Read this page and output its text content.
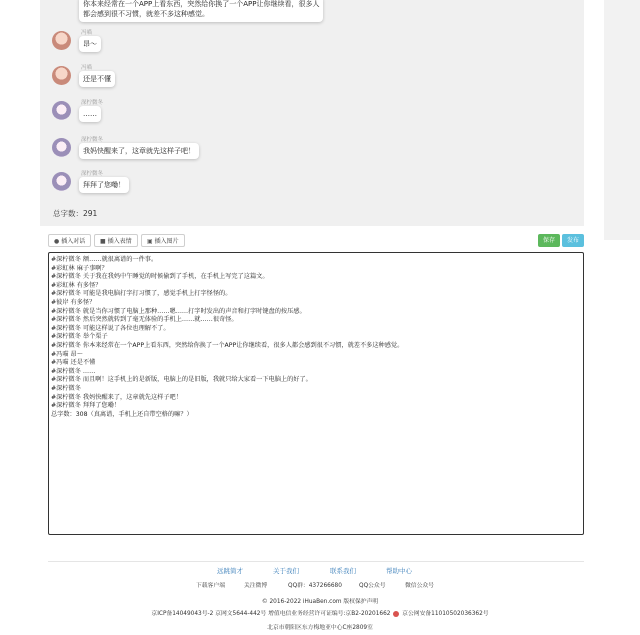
你本来经常在一个APP上看东西，突然给你换了一个APP让你继续看，很多人
都会感到很不习惯，就差不多这种感觉。
冯喵
昂～
冯喵
还是不懂
深柠微冬
……
深柠微冬
我妈快醒来了，这章就先这样子吧！
深柠微冬
拜拜了您嘞！
总字数：291
● 插入对话	■ 插入表情	▣ 插入图片	保存	发布
#深柠微冬 额……就很离谱的一件事。
#彩虹林 麻子事啊？
#深柠微冬 关于我在我妈中午睡觉的时候偷到了手机，在手机上写完了这篇文。
#彩虹林 有多怪？
#深柠微冬 可能是我电脑打字打习惯了，感觉手机上打字怪怪的。
#彼岸 有多怪？
#深柠微冬 就是当你习惯了电脑上那种……嗯……打字时发出的声音和打字时键盘的按压感。
#深柠微冬 然后突然就转到了毫无体验的手机上……就……很奇怪。
#深柠微冬 可能这样说了各位也理解不了。
#深柠微冬 举个栗子
#深柠微冬 你本来经常在一个APP上看东西，突然给你换了一个APP让你继续看，很多人都会感到很不习惯，就差不多这种感觉。
#冯喵 昂～
#冯喵 还是不懂
#深柠微冬 ……
#深柠微冬 而且啊！这手机上的是新版，电脑上的是旧版，我就只给大家看一下电脑上的好了。
#深柠微冬
#深柠微冬 我妈快醒来了，这章就先这样子吧！
#深柠微冬 拜拜了您嘞！
总字数：308（真离谱，手机上还自带空格的嘛？）
远跳简才	关于我们	联系我们	帮助中心
下载客户端	关注微博	QQ群：437266680	QQ公众号	微信公众号
© 2016-2022 iHuaBen.com 版权保护声明
京ICP备14049043号-2 京网文5644-442号 增值电信业务经营许可证编号:京B2-20201662 京公网安备11010502036362号
北京市朝阳区东方梅地亚中心C座2809室
